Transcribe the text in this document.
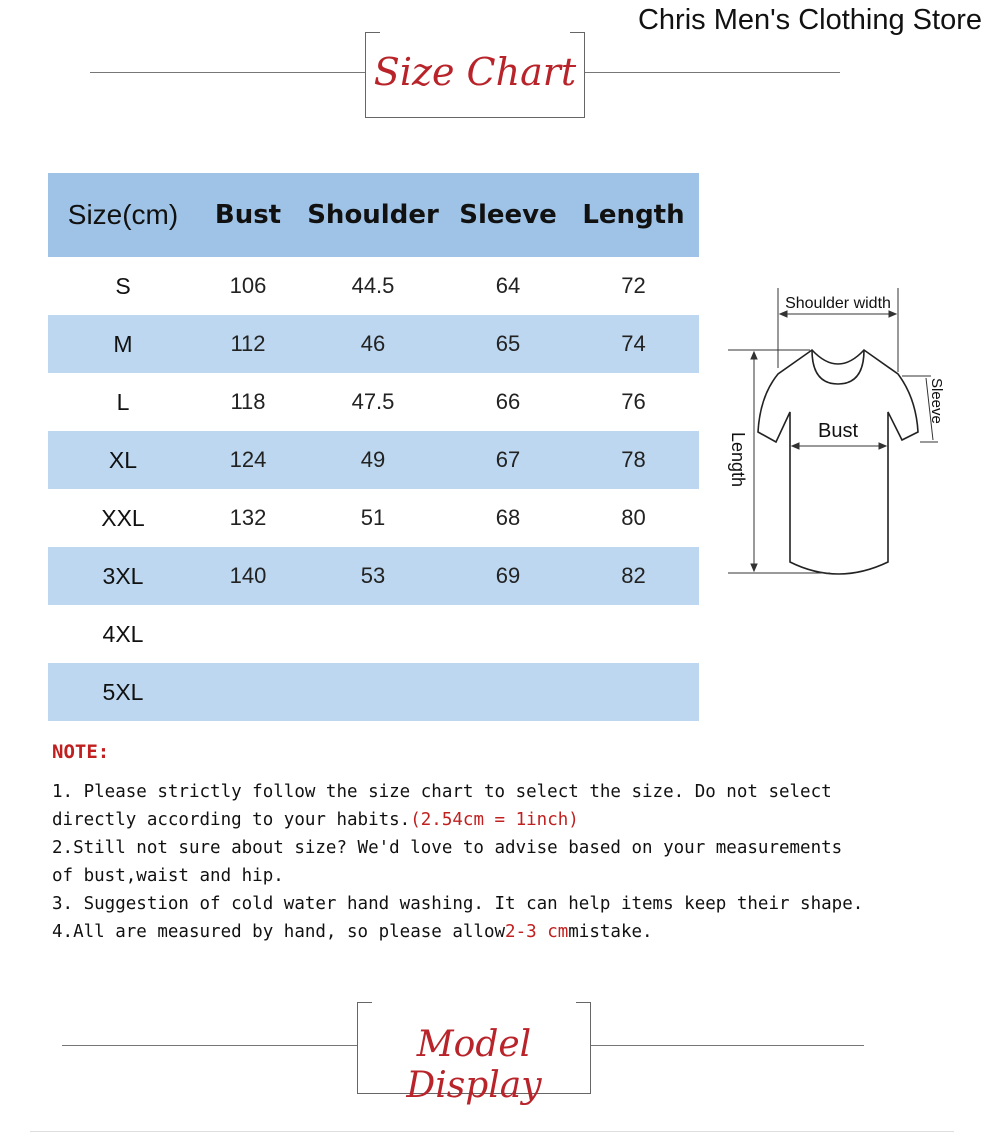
Chris Men's Clothing Store
Size Chart
Size(cm)	Bust	Shoulder	Sleeve	Length
S	106	44.5	64	72
M	112	46	65	74
L	118	47.5	66	76
XL	124	49	67	78
XXL	132	51	68	80
3XL	140	53	69	82
4XL				
5XL				
Shoulder width
Bust
Length
Sleeve
NOTE:

1. Please strictly follow the size chart to select the size. Do not select

directly according to your habits.(2.54cm = 1inch)

2.Still not sure about size? We'd love to advise based on your measurements

of bust,waist and hip.

3. Suggestion of cold water hand washing. It can help items keep their shape.

4.All are measured by hand, so please allow2-3 cmmistake.

Model Display
